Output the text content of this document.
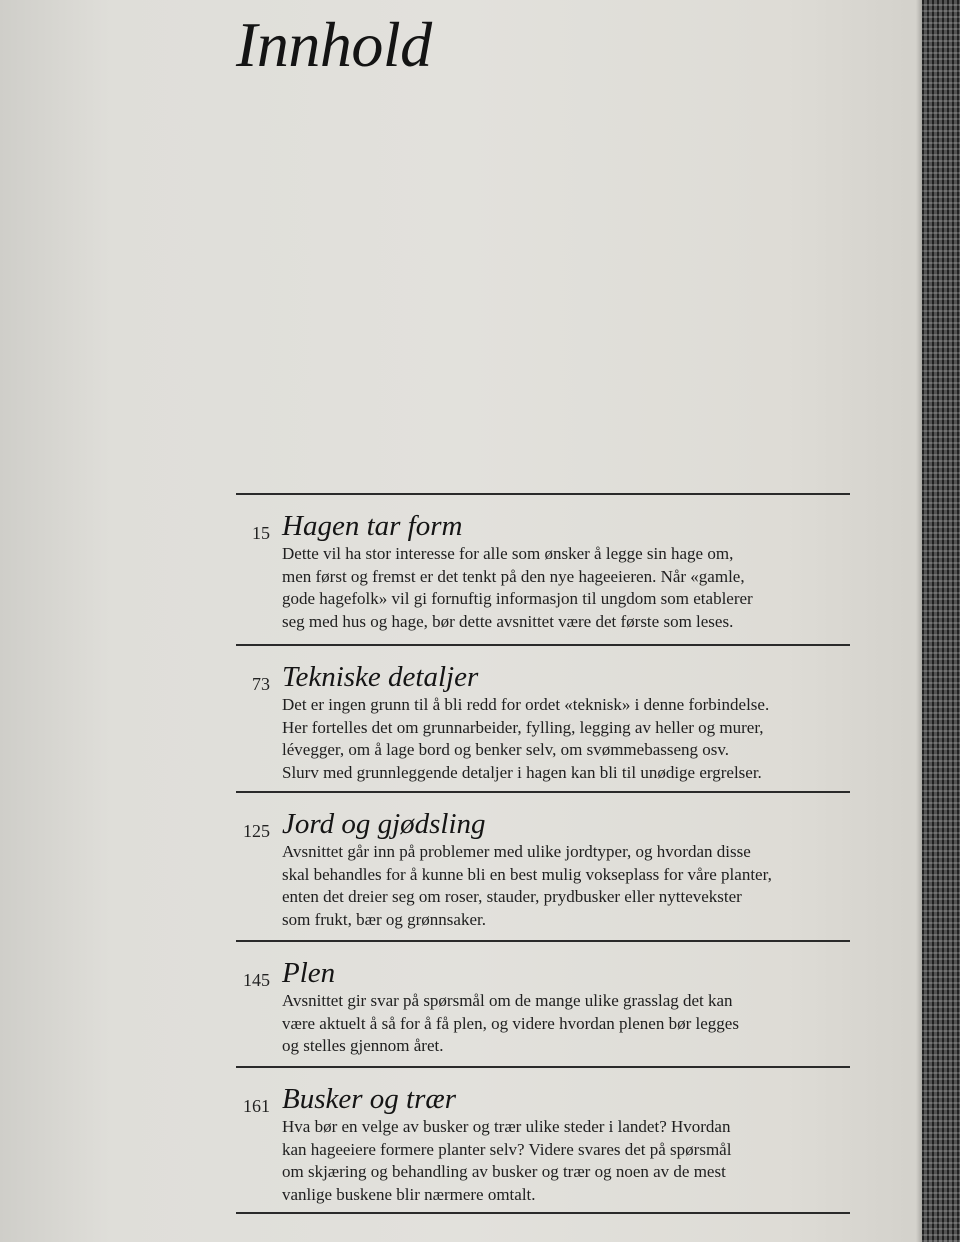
Innhold
15 Hagen tar form

Dette vil ha stor interesse for alle som ønsker å legge sin hage om,
men først og fremst er det tenkt på den nye hageeieren. Når «gamle,
gode hagefolk» vil gi fornuftig informasjon til ungdom som etablerer
seg med hus og hage, bør dette avsnittet være det første som leses.

73 Tekniske detaljer

Det er ingen grunn til å bli redd for ordet «teknisk» i denne forbindelse.
Her fortelles det om grunnarbeider, fylling, legging av heller og murer,
lévegger, om å lage bord og benker selv, om svømmebasseng osv.
Slurv med grunnleggende detaljer i hagen kan bli til unødige ergrelser.

125 Jord og gjødsling

Avsnittet går inn på problemer med ulike jordtyper, og hvordan disse
skal behandles for å kunne bli en best mulig vokseplass for våre planter,
enten det dreier seg om roser, stauder, prydbusker eller nyttevekster
som frukt, bær og grønnsaker.

145 Plen

Avsnittet gir svar på spørsmål om de mange ulike grasslag det kan
være aktuelt å så for å få plen, og videre hvordan plenen bør legges
og stelles gjennom året.

161 Busker og trær

Hva bør en velge av busker og trær ulike steder i landet? Hvordan
kan hageeiere formere planter selv? Videre svares det på spørsmål
om skjæring og behandling av busker og trær og noen av de mest
vanlige buskene blir nærmere omtalt.
